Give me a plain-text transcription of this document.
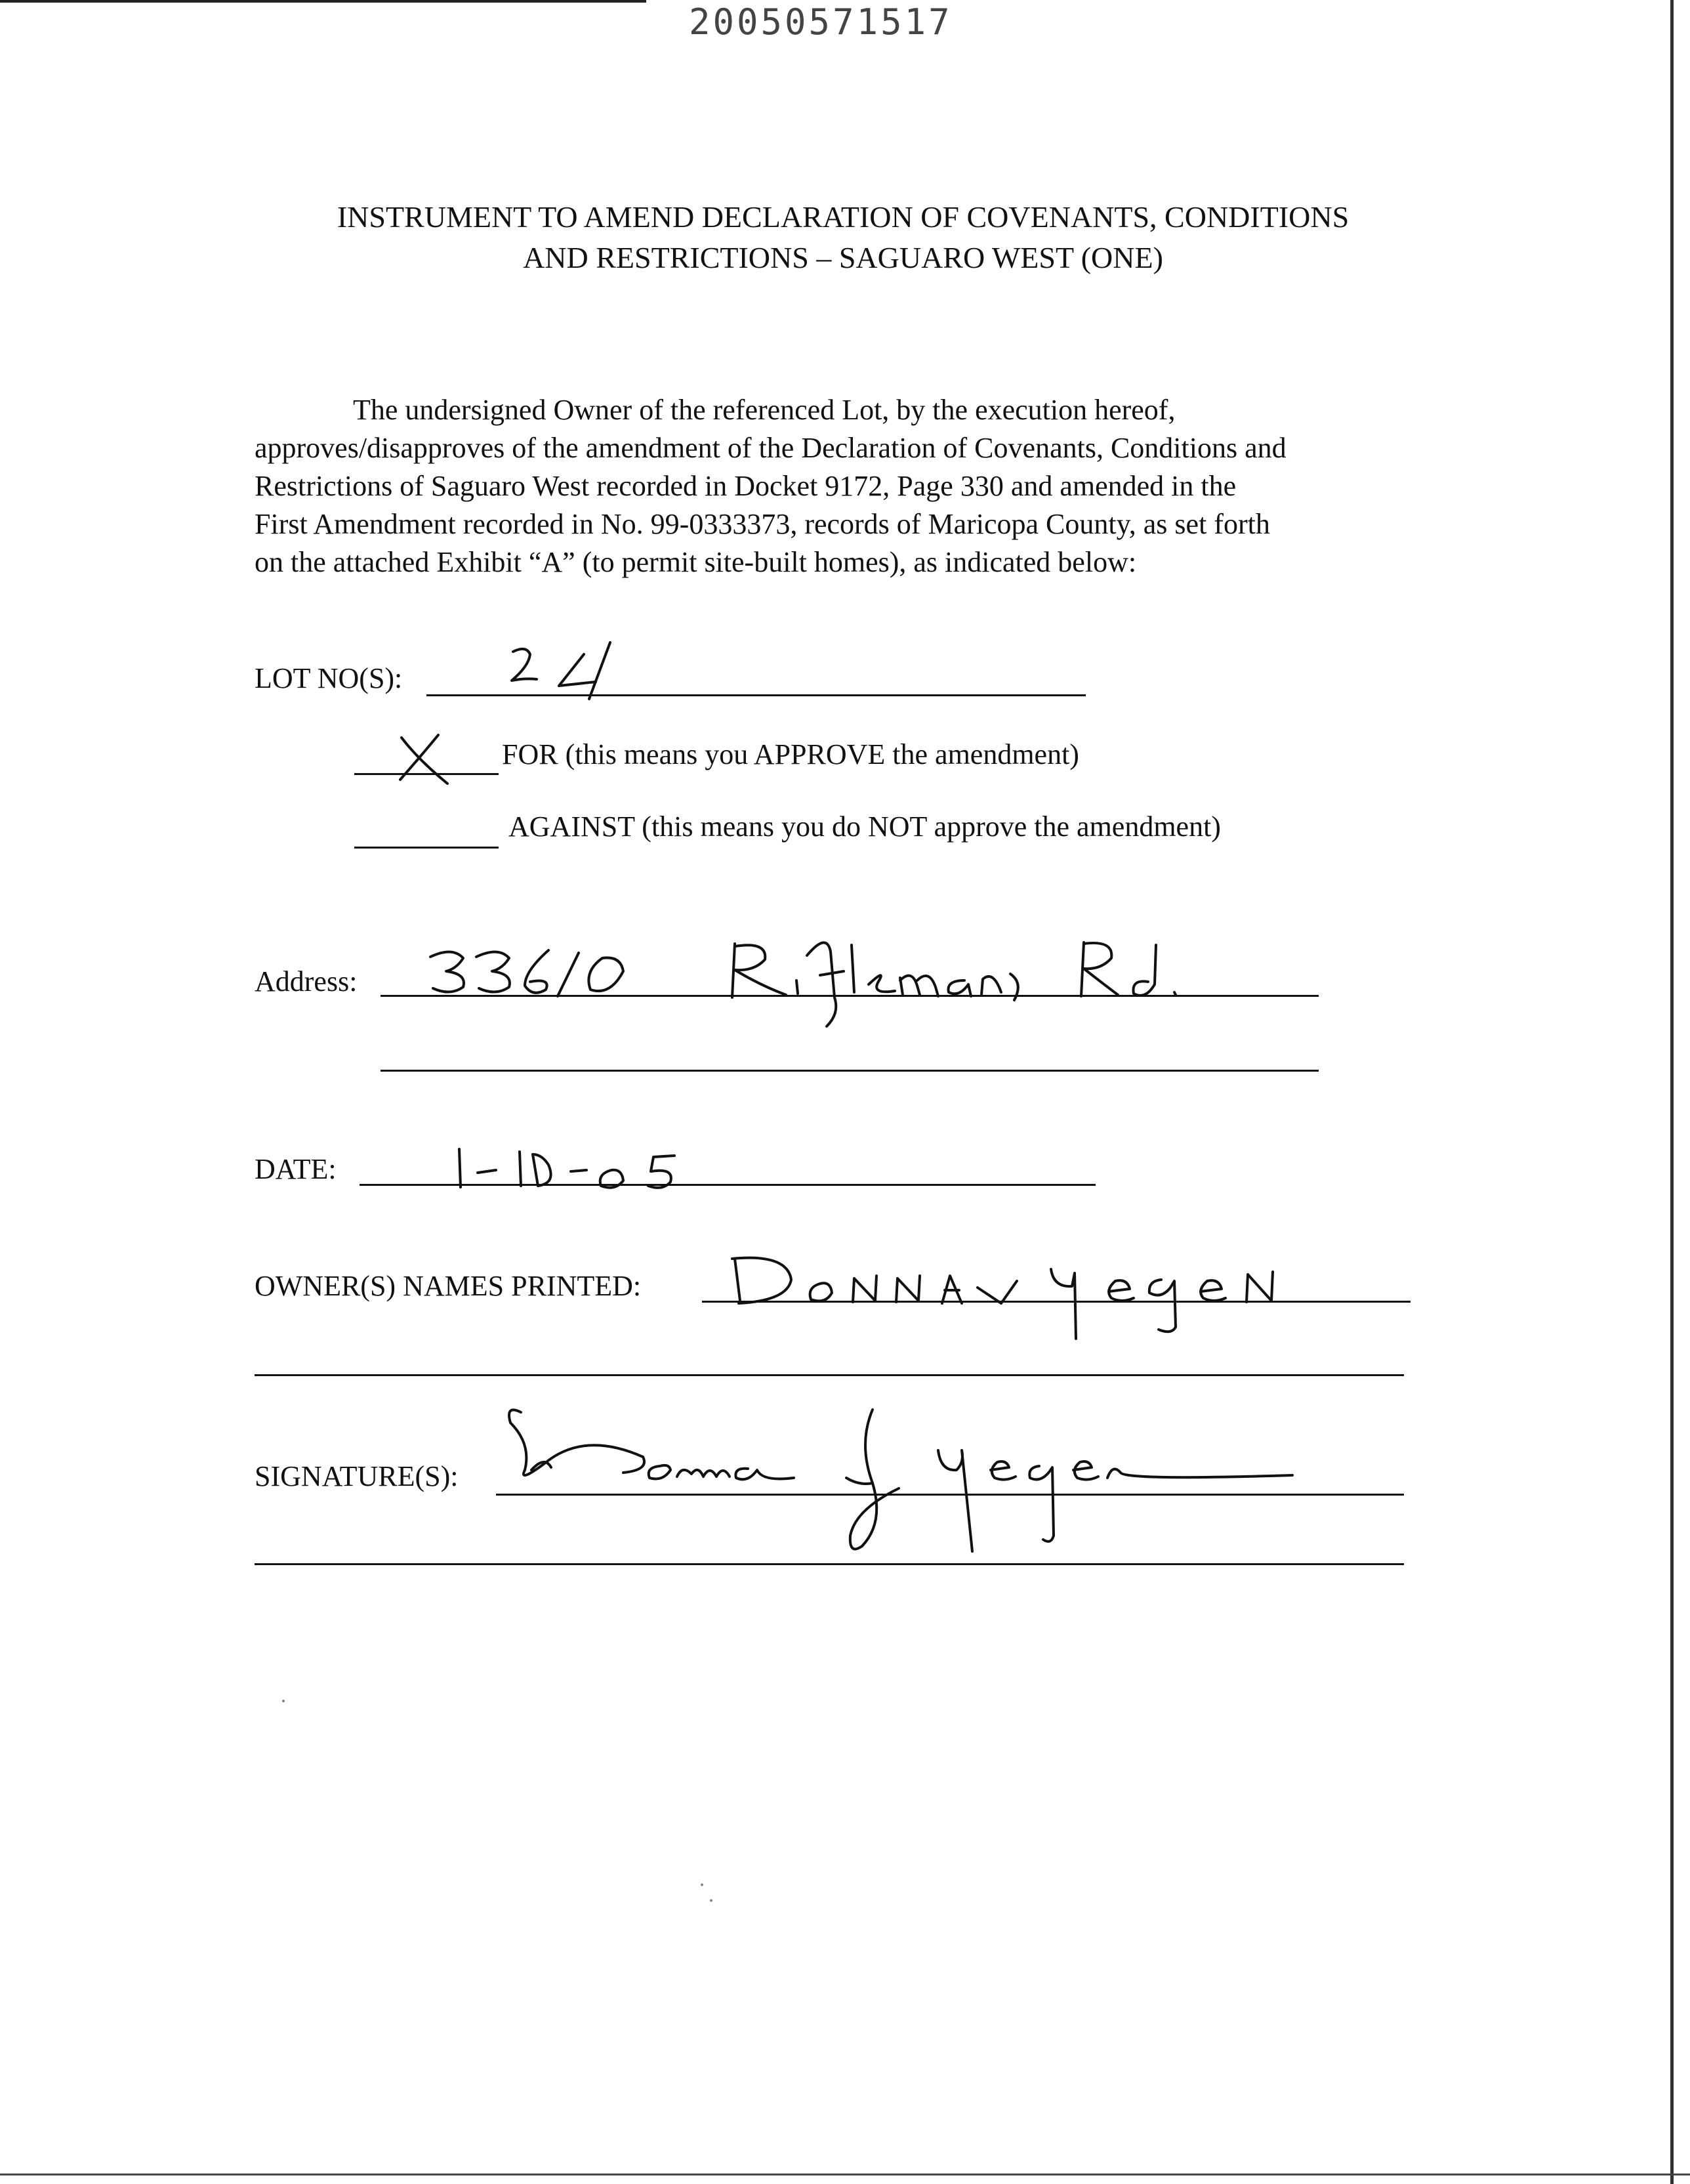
20050571517
INSTRUMENT TO AMEND DECLARATION OF COVENANTS, CONDITIONS
AND RESTRICTIONS – SAGUARO WEST (ONE)
The undersigned Owner of the referenced Lot, by the execution hereof,
approves/disapproves of the amendment of the Declaration of Covenants, Conditions and
Restrictions of Saguaro West recorded in Docket 9172, Page 330 and amended in the
First Amendment recorded in No. 99-0333373, records of Maricopa County, as set forth
on the attached Exhibit “A” (to permit site-built homes), as indicated below:
LOT NO(S):
FOR (this means you APPROVE the amendment)
AGAINST (this means you do NOT approve the amendment)
Address:
DATE:
OWNER(S) NAMES PRINTED:
SIGNATURE(S):
